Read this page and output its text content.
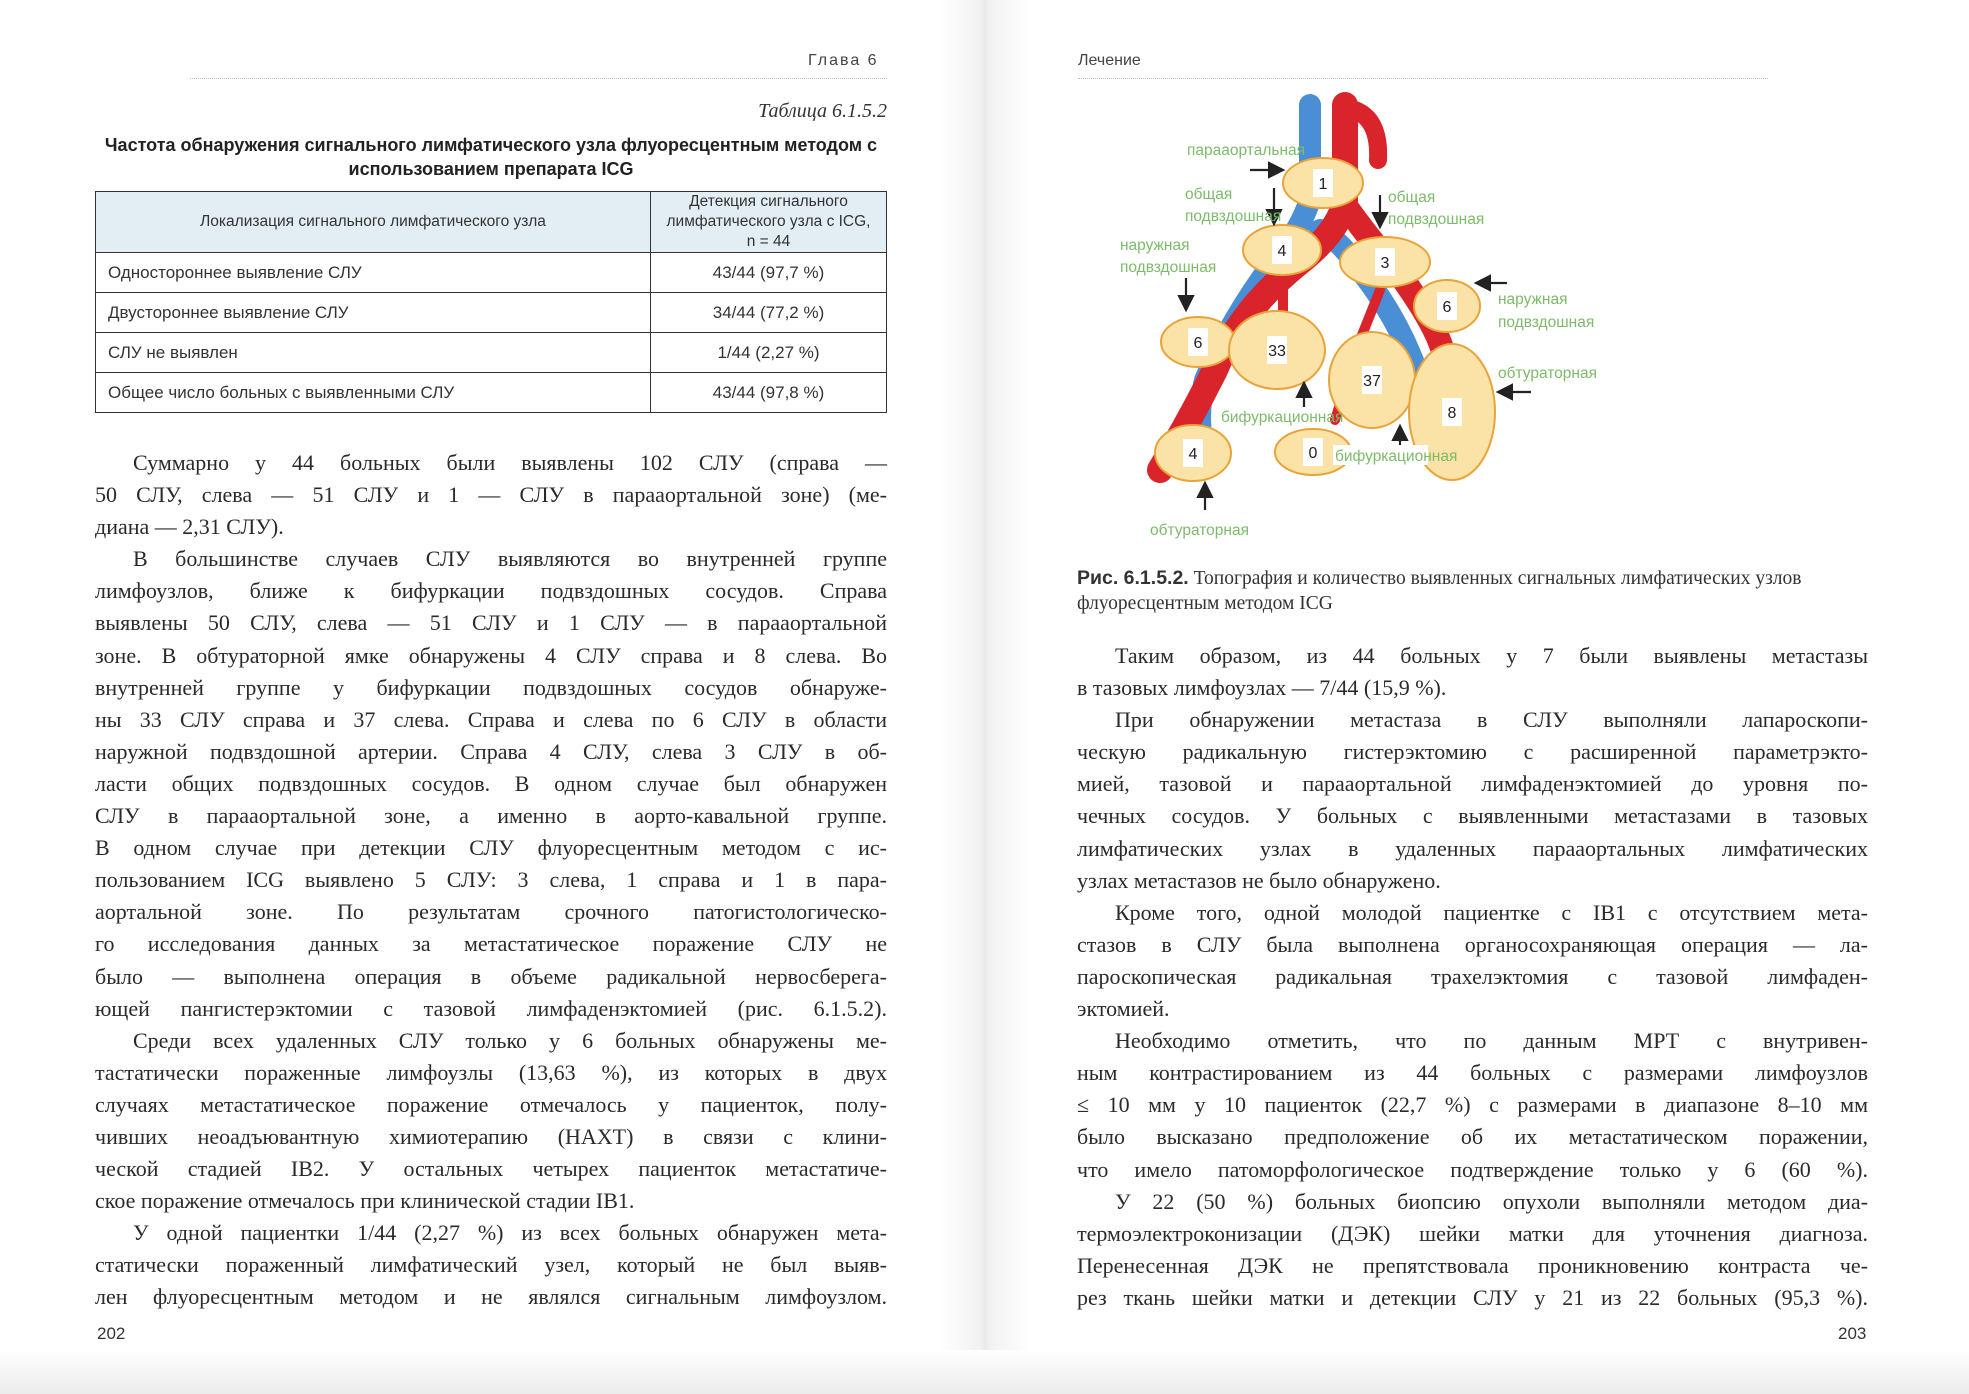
Глава 6
Таблица 6.1.5.2
Частота обнаружения сигнального лимфатического узла флуоресцентным методом с использованием препарата ICG
Локализация сигнального лимфатического узла	Детекция сигнального лимфатического узла с ICG, n = 44
Одностороннее выявление СЛУ	43/44 (97,7 %)
Двустороннее выявление СЛУ	34/44 (77,2 %)
СЛУ не выявлен	1/44 (2,27 %)
Общее число больных с выявленными СЛУ	43/44 (97,8 %)
Суммарно у 44 больных были выявлены 102 СЛУ (справа —
50 СЛУ, слева — 51 СЛУ и 1 — СЛУ в парааортальной зоне) (ме-
диана — 2,31 СЛУ).
В большинстве случаев СЛУ выявляются во внутренней группе
лимфоузлов, ближе к бифуркации подвздошных сосудов. Справа
выявлены 50 СЛУ, слева — 51 СЛУ и 1 СЛУ — в парааортальной
зоне. В обтураторной ямке обнаружены 4 СЛУ справа и 8 слева. Во
внутренней группе у бифуркации подвздошных сосудов обнаруже-
ны 33 СЛУ справа и 37 слева. Справа и слева по 6 СЛУ в области
наружной подвздошной артерии. Справа 4 СЛУ, слева 3 СЛУ в об-
ласти общих подвздошных сосудов. В одном случае был обнаружен
СЛУ в парааортальной зоне, а именно в аорто-кавальной группе.
В одном случае при детекции СЛУ флуоресцентным методом с ис-
пользованием ICG выявлено 5 СЛУ: 3 слева, 1 справа и 1 в пара-
аортальной зоне. По результатам срочного патогистологическо-
го исследования данных за метастатическое поражение СЛУ не
было — выполнена операция в объеме радикальной нервосберега-
ющей пангистерэктомии с тазовой лимфаденэктомией (рис. 6.1.5.2).
Среди всех удаленных СЛУ только у 6 больных обнаружены ме-
тастатически пораженные лимфоузлы (13,63 %), из которых в двух
случаях метастатическое поражение отмечалось у пациенток, полу-
чивших неоадъювантную химиотерапию (НАХТ) в связи с клини-
ческой стадией IB2. У остальных четырех пациенток метастатиче-
ское поражение отмечалось при клинической стадии IB1.
У одной пациентки 1/44 (2,27 %) из всех больных обнаружен мета-
статически пораженный лимфатический узел, который не был выяв-
лен флуоресцентным методом и не являлся сигнальным лимфоузлом.
202
Лечение
1
4
3
6
6	33
37
8
4	0
парааортальная
общая
подвздошная
общая
подвздошная
наружная
подвздошная
наружная
подвздошная
обтураторная
бифуркационная
бифуркационная
обтураторная
Рис. 6.1.5.2. Топография и количество выявленных сигнальных лимфатических узлов флуоресцентным методом ICG
Таким образом, из 44 больных у 7 были выявлены метастазы
в тазовых лимфоузлах — 7/44 (15,9 %).
При обнаружении метастаза в СЛУ выполняли лапароскопи-
ческую радикальную гистерэктомию с расширенной параметрэкто-
мией, тазовой и парааортальной лимфаденэктомией до уровня по-
чечных сосудов. У больных с выявленными метастазами в тазовых
лимфатических узлах в удаленных парааортальных лимфатических
узлах метастазов не было обнаружено.
Кроме того, одной молодой пациентке с IB1 с отсутствием мета-
стазов в СЛУ была выполнена органосохраняющая операция — ла-
пароскопическая радикальная трахелэктомия с тазовой лимфаден-
эктомией.
Необходимо отметить, что по данным МРТ с внутривен-
ным контрастированием из 44 больных с размерами лимфоузлов
≤ 10 мм у 10 пациенток (22,7 %) с размерами в диапазоне 8–10 мм
было высказано предположение об их метастатическом поражении,
что имело патоморфологическое подтверждение только у 6 (60 %).
У 22 (50 %) больных биопсию опухоли выполняли методом диа-
термоэлектроконизации (ДЭК) шейки матки для уточнения диагноза.
Перенесенная ДЭК не препятствовала проникновению контраста че-
рез ткань шейки матки и детекции СЛУ у 21 из 22 больных (95,3 %).
203
